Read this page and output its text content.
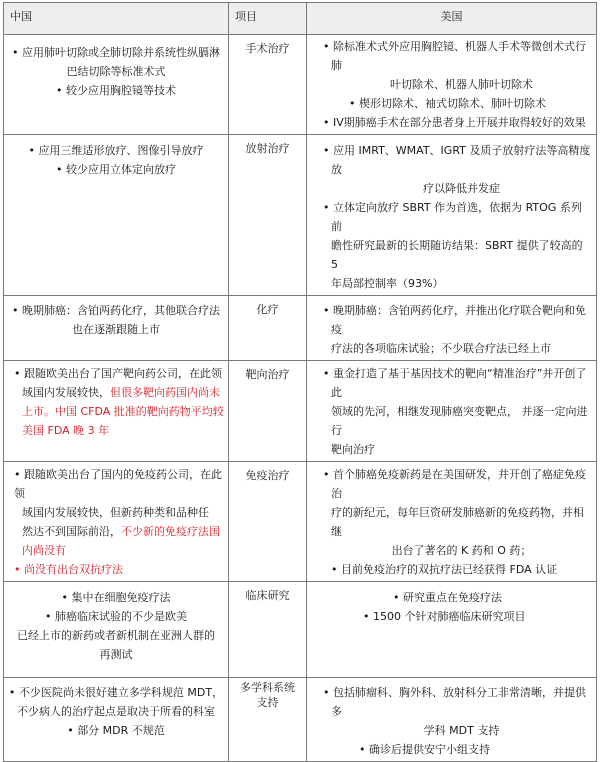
中国	项目	美国

• 应用肺叶切除或全肺切除并系统性纵膈淋
巴结切除等标准术式
• 较少应用胸腔镜等技术	手术治疗	• 除标准术式外应用胸腔镜、机器人手术等微创术式行肺
叶切除术、机器人肺叶切除术
• 楔形切除术、袖式切除术、肺叶切除术
• IV期肺癌手术在部分患者身上开展并取得较好的效果

• 应用三维适形放疗、图像引导放疗
• 较少应用立体定向放疗	放射治疗	• 应用 IMRT、WMAT、IGRT 及质子放射疗法等高精度放
疗以降低并发症
• 立体定向放疗 SBRT 作为首选，依据为 RTOG 系列前
瞻性研究最新的长期随访结果：SBRT 提供了较高的 5
年局部控制率（93%）

• 晚期肺癌：含铂两药化疗，其他联合疗法
也在逐渐跟随上市	化疗	• 晚期肺癌：含铂两药化疗，并推出化疗联合靶向和免疫
疗法的各项临床试验；不少联合疗法已经上市

• 跟随欧美出台了国产靶向药公司，在此领
域国内发展较快，但很多靶向药国内尚未
上市。中国 CFDA 批准的靶向药物平均较
美国 FDA 晚 3 年	靶向治疗	• 重金打造了基于基因技术的靶向“精准治疗”并开创了此
领域的先河，相继发现肺癌突变靶点， 并逐一定向进行
靶向治疗

• 跟随欧美出台了国内的免疫药公司，在此领
域国内发展较快，但新药种类和品种任
然达不到国际前沿，不少新的免疫疗法国
内尚没有
• 尚没有出台双抗疗法	免疫治疗	• 首个肺癌免疫新药是在美国研发，并开创了癌症免疫治
疗的新纪元，每年巨资研发肺癌新的免疫药物，并相继
出台了著名的 K 药和 O 药；
• 目前免疫治疗的双抗疗法已经获得 FDA 认证

• 集中在细胞免疫疗法
• 肺癌临床试验的不少是欧美
已经上市的新药或者新机制在亚洲人群的
再测试	临床研究	• 研究重点在免疫疗法
• 1500 个针对肺癌临床研究项目

• 不少医院尚未很好建立多学科规范 MDT，
不少病人的治疗起点是取决于所看的科室
• 部分 MDR 不规范	多学科系统支持	• 包括肺瘤科、胸外科、放射科分工非常清晰，并提供多
学科 MDT 支持
• 确诊后提供安宁小组支持
